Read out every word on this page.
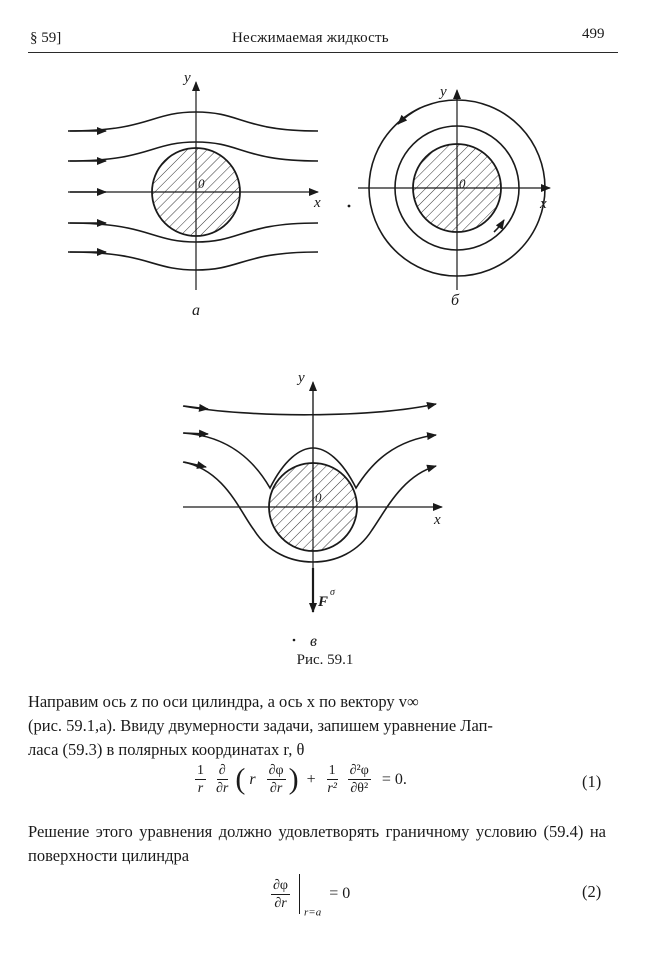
§ 59]	Несжимаемая жидкость	499
y
x
0
a
y
x
0
б
y
x
0
F
σ
в
Рис. 59.1
Направим ось z по оси цилиндра, а ось x по вектору v∞
(рис. 59.1,a). Ввиду двумерности задачи, запишем уравнение Лап-
ласа (59.3) в полярных координатах r, θ
$\frac{1}{r}$
$\frac{\partial}{\partial r}$ ( r $\frac{\partial\varphi}{\partial r}$ ) + $\frac{1}{\text{r²}}$
$\frac{\text{∂²φ}}{\text{∂θ²}} = 0$.	(1)
Решение этого уравнения должно удовлетворять граничному условию (59.4) на поверхности цилиндра
$\frac{\partial\varphi}{\partial r}$
$_{r=a}$ = 0	(2)
